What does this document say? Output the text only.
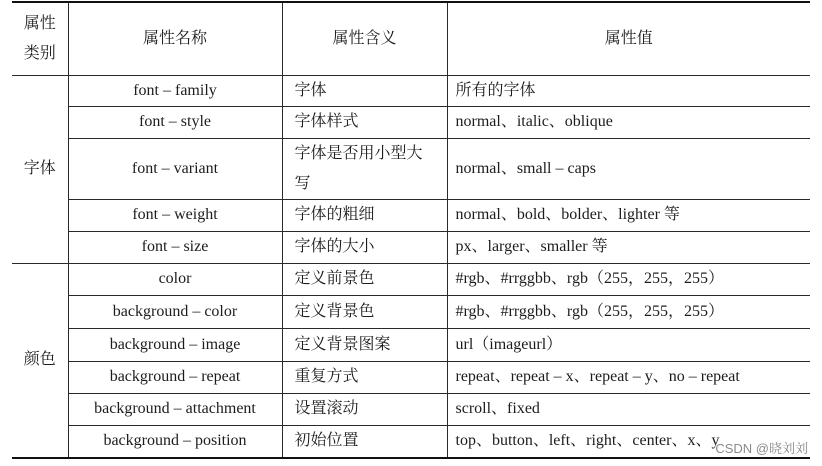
属性类别	属性名称	属性含义	属性值
字体	font – family	字体	所有的字体
	font – style	字体样式	normal、italic、oblique
	font – variant	字体是否用小型大写	normal、small – caps
	font – weight	字体的粗细	normal、bold、bolder、lighter 等
	font – size	字体的大小	px、larger、smaller 等
颜色	color	定义前景色	#rgb、#rrggbb、rgb（255，255，255）
	background – color	定义背景色	#rgb、#rrggbb、rgb（255，255，255）
	background – image	定义背景图案	url（imageurl）
	background – repeat	重复方式	repeat、repeat – x、repeat – y、no – repeat
	background – attachment	设置滚动	scroll、fixed
	background – position	初始位置	top、button、left、right、center、x、y
CSDN @晓刘刘
